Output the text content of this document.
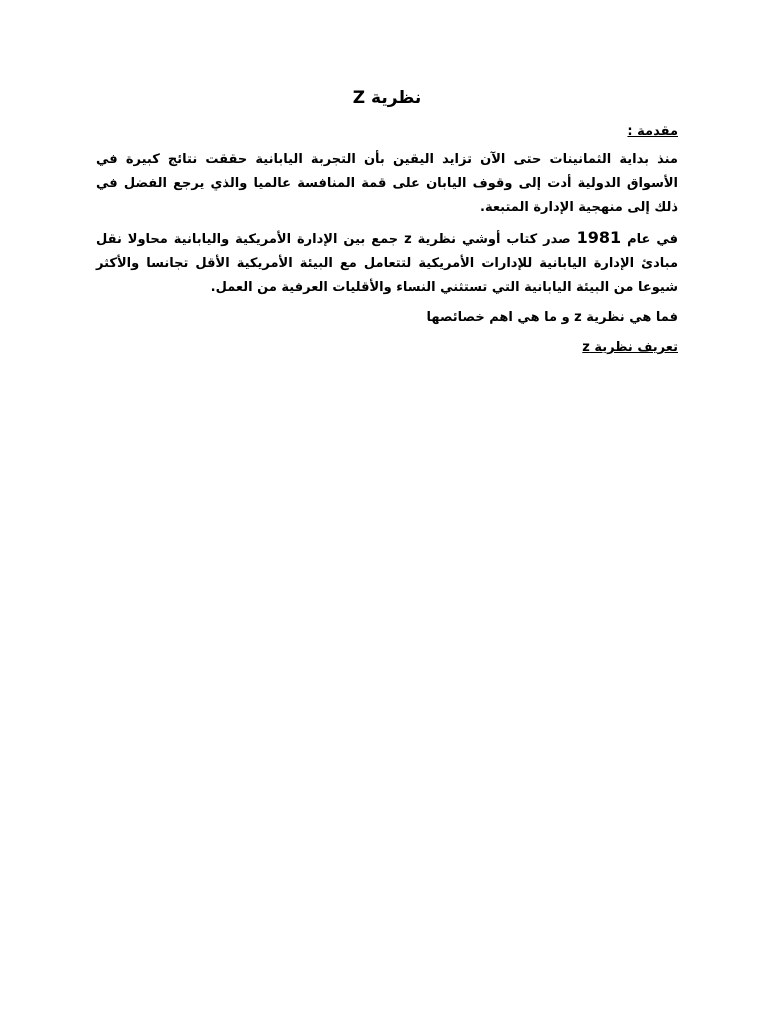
نظرية Z
مقدمة :
منذ بداية الثمانينات حتى الآن تزايد اليقين بأن التجربة اليابانية حققت نتائج كبيرة في الأسواق الدولية أدت إلى وقوف اليابان على قمة المنافسة عالميا والذي يرجع الفضل في ذلك إلى منهجية الإدارة المتبعة.
في عام 1981 صدر كتاب أوشي نظرية z جمع بين الإدارة الأمريكية واليابانية محاولا نقل مبادئ الإدارة اليابانية للإدارات الأمريكية لتتعامل مع البيئة الأمريكية الأقل تجانسا والأكثر شيوعا من البيئة اليابانية التي تستثني النساء والأقليات العرفية من العمل.
فما هي نظرية z و ما هي اهم خصائصها
تعريف نظرية z
